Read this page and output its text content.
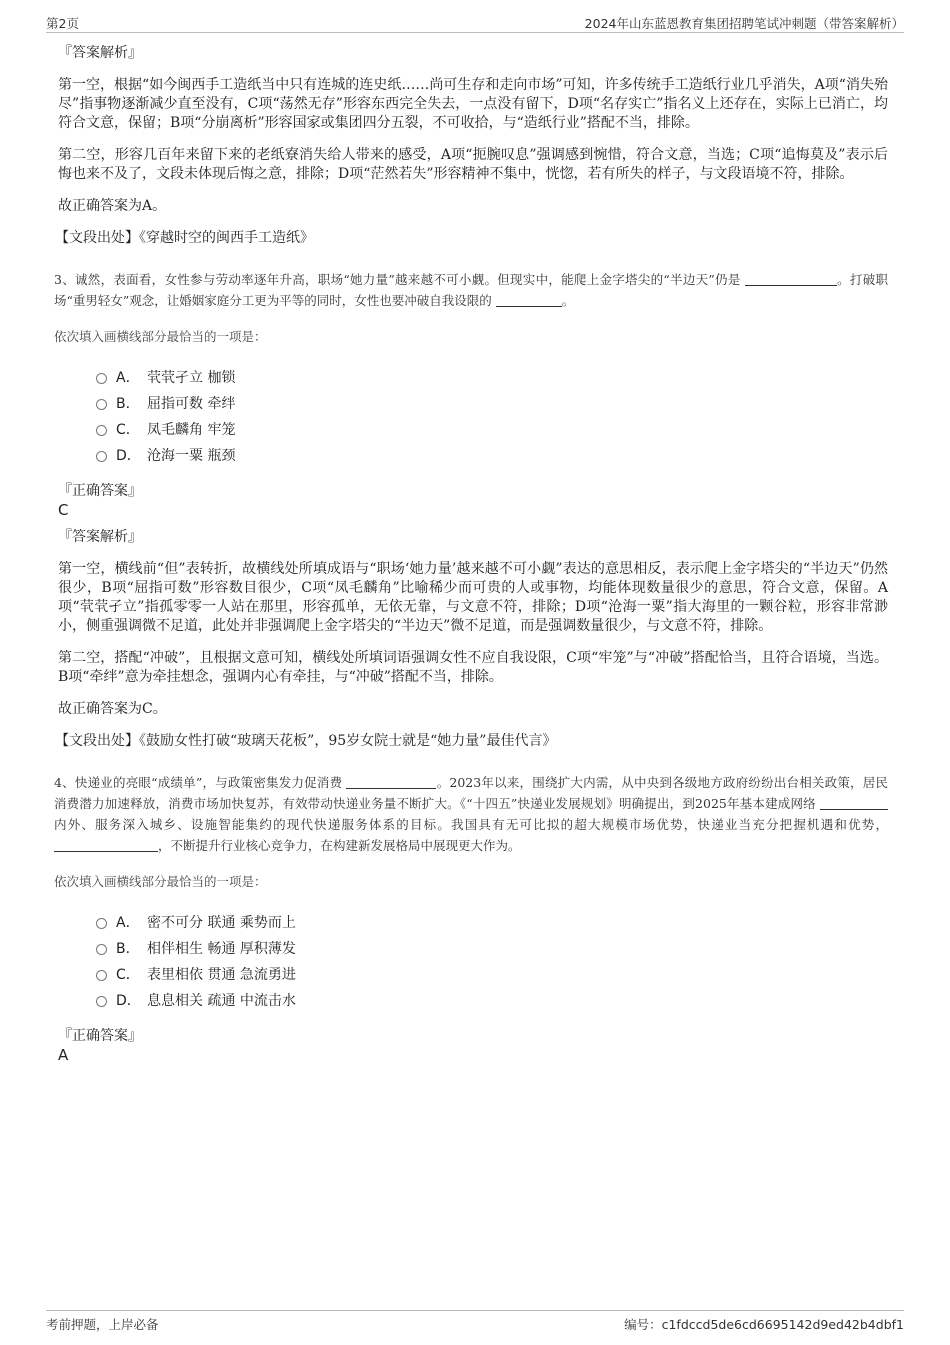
第2页	2024年山东蓝恩教育集团招聘笔试冲刺题（带答案解析）
『答案解析』

第一空，根据“如今闽西手工造纸当中只有连城的连史纸……尚可生存和走向市场”可知，许多传统手工造纸行业几乎消失，A项“消失殆尽”指事物逐渐减少直至没有，C项“荡然无存”形容东西完全失去，一点没有留下，D项“名存实亡”指名义上还存在，实际上已消亡，均符合文意，保留；B项“分崩离析”形容国家或集团四分五裂，不可收拾，与“造纸行业”搭配不当，排除。

第二空，形容几百年来留下来的老纸寮消失给人带来的感受，A项“扼腕叹息”强调感到惋惜，符合文意，当选；C项“追悔莫及”表示后悔也来不及了，文段未体现后悔之意，排除；D项“茫然若失”形容精神不集中，恍惚，若有所失的样子，与文段语境不符，排除。

故正确答案为A。

【文段出处】《穿越时空的闽西手工造纸》

3、诚然，表面看，女性参与劳动率逐年升高，职场“她力量”越来越不可小觑。但现实中，能爬上金字塔尖的“半边天”仍是	。打破职场“重男轻女”观念，让婚姻家庭分工更为平等的同时，女性也要冲破自我设限的	。

依次填入画横线部分最恰当的一项是：
A． 茕茕孑立
枷锁
B． 屈指可数
牵绊
C． 凤毛麟角
牢笼
D． 沧海一粟
瓶颈
『正确答案』
C
『答案解析』

第一空，横线前“但”表转折，故横线处所填成语与“职场‘她力量’越来越不可小觑”表达的意思相反，表示爬上金字塔尖的“半边天”仍然很少，B项“屈指可数”形容数目很少，C项“凤毛麟角”比喻稀少而可贵的人或事物，均能体现数量很少的意思，符合文意，保留。A项“茕茕孑立”指孤零零一人站在那里，形容孤单，无依无靠，与文意不符，排除；D项“沧海一粟”指大海里的一颗谷粒，形容非常渺小，侧重强调微不足道，此处并非强调爬上金字塔尖的“半边天”微不足道，而是强调数量很少，与文意不符，排除。

第二空，搭配“冲破”，且根据文意可知，横线处所填词语强调女性不应自我设限，C项“牢笼”与“冲破”搭配恰当，且符合语境，当选。B项“牵绊”意为牵挂想念，强调内心有牵挂，与“冲破”搭配不当，排除。

故正确答案为C。

【文段出处】《鼓励女性打破“玻璃天花板”，95岁女院士就是“她力量”最佳代言》

4、快递业的亮眼“成绩单”，与政策密集发力促消费	。2023年以来，围绕扩大内需，从中央到各级地方政府纷纷出台相关政策，居民消费潜力加速释放，消费市场加快复苏，有效带动快递业务量不断扩大。《“十四五”快递业发展规划》明确提出，到2025年基本建成网络 内外、服务深入城乡、设施智能集约的现代快递服务体系的目标。我国具有无可比拟的超大规模市场优势，快递业当充分把握机遇和优势， ，不断提升行业核心竞争力，在构建新发展格局中展现更大作为。

依次填入画横线部分最恰当的一项是：
A． 密不可分
联通
乘势而上
B． 相伴相生
畅通
厚积薄发
C． 表里相依
贯通
急流勇进
D． 息息相关
疏通
中流击水
『正确答案』
A
考前押题，上岸必备	编号：c1fdccd5de6cd6695142d9ed42b4dbf1
